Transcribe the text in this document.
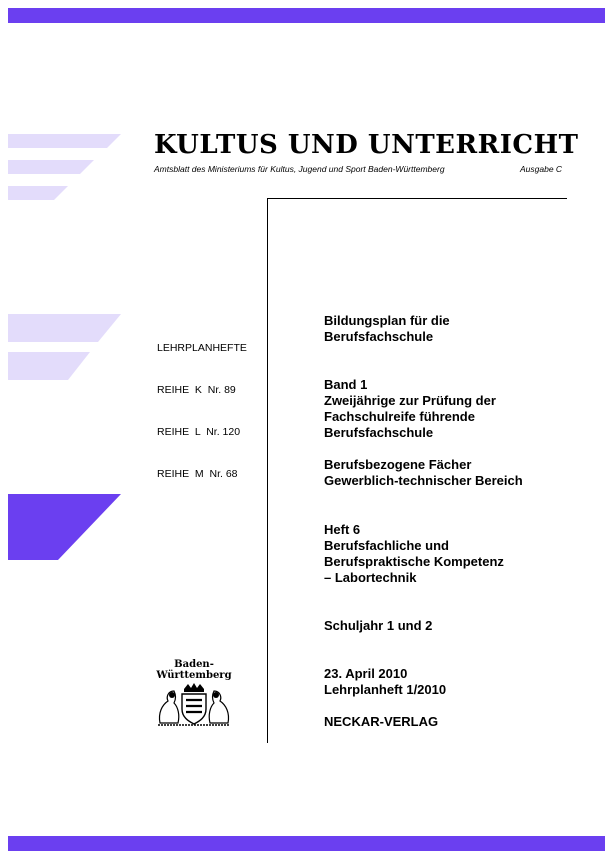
KULTUS UND UNTERRICHT
Amtsblatt des Ministeriums für Kultus, Jugend und Sport Baden-Württemberg	Ausgabe C

LEHRPLANHEFTE

REIHE  K  Nr. 89

REIHE  L  Nr. 120

REIHE  M  Nr. 68

Bildungsplan für die
Berufsfachschule
Band 1
Zweijährige zur Prüfung der
Fachschulreife führende
Berufsfachschule
Berufsbezogene Fächer
Gewerblich-technischer Bereich
Heft 6
Berufsfachliche und
Berufspraktische Kompetenz
– Labortechnik
Schuljahr 1 und 2
23. April 2010
Lehrplanheft 1/2010
NECKAR-VERLAG
Baden-
Württemberg
